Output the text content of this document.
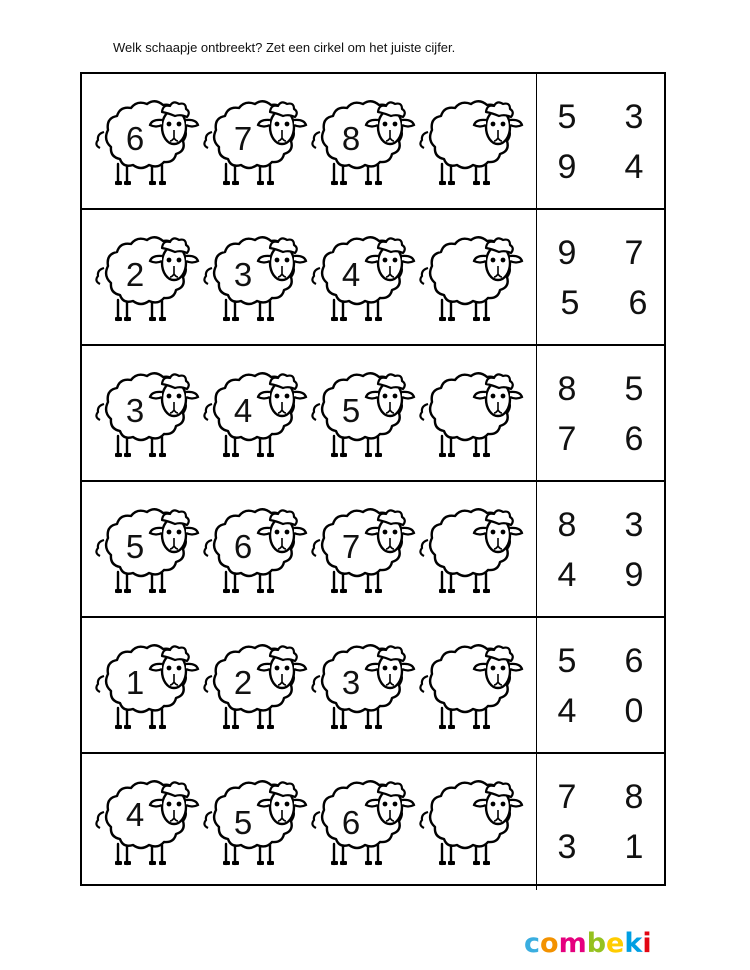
Welk schaapje ontbreekt? Zet een cirkel om het juiste cijfer.
6	7	8
5 3
9 4
2	3	4
9 7
5 6
3	4	5
8 5
7 6
5	6	7
8 3
4 9
1	2	3
5 6
4 0
4	5	6
7 8
3 1
combeki
